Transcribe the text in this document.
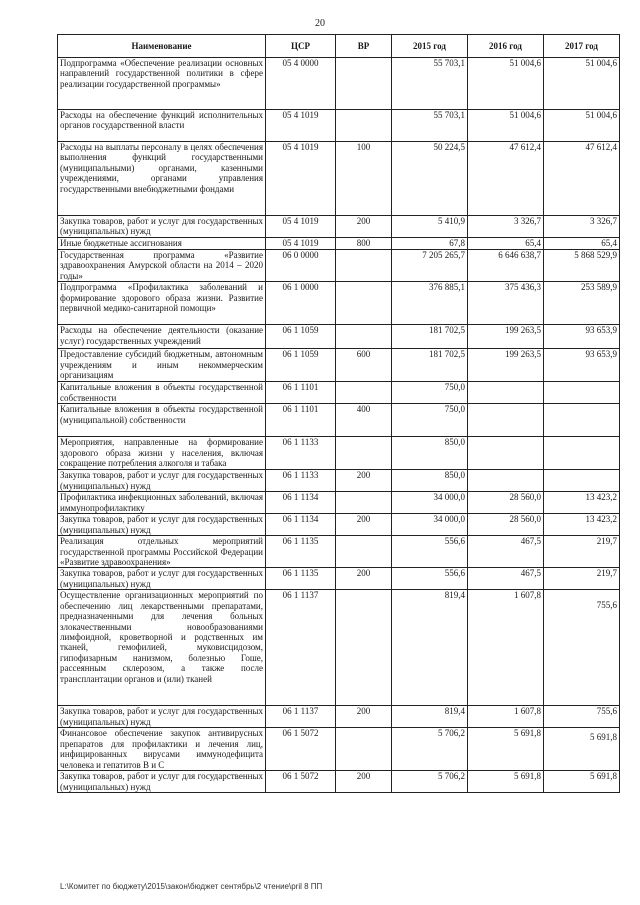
20
Наименование	ЦСР	ВР	2015 год	2016 год	2017 год
Подпрограмма «Обеспечение реализации основных направлений государственной политики в сфере реализации государственной программы»	05 4 0000		55 703,1	51 004,6	51 004,6
Расходы на обеспечение функций исполнительных органов государственной власти	05 4 1019		55 703,1	51 004,6	51 004,6
Расходы на выплаты персоналу в целях обеспечения выполнения функций государственными (муниципальными) органами, казенными учреждениями, органами управления государственными внебюджетными фондами	05 4 1019	100	50 224,5	47 612,4	47 612,4
Закупка товаров, работ и услуг для государственных (муниципальных) нужд	05 4 1019	200	5 410,9	3 326,7	3 326,7
Иные бюджетные ассигнования	05 4 1019	800	67,8	65,4	65,4
Государственная программа «Развитие здравоохранения Амурской области на 2014 – 2020 годы»	06 0 0000		7 205 265,7	6 646 638,7	5 868 529,9
Подпрограмма «Профилактика заболеваний и формирование здорового образа жизни. Развитие первичной медико-санитарной помощи»	06 1 0000		376 885,1	375 436,3	253 589,9
Расходы на обеспечение деятельности (оказание услуг) государственных учреждений	06 1 1059		181 702,5	199 263,5	93 653,9
Предоставление субсидий бюджетным, автономным учреждениям и иным некоммерческим организациям	06 1 1059	600	181 702,5	199 263,5	93 653,9
Капитальные вложения в объекты государственной собственности	06 1 1101		750,0		
Капитальные вложения в объекты государственной (муниципальной) собственности	06 1 1101	400	750,0		
Мероприятия, направленные на формирование здорового образа жизни у населения, включая сокращение потребления алкоголя и табака	06 1 1133		850,0		
Закупка товаров, работ и услуг для государственных (муниципальных) нужд	06 1 1133	200	850,0		
Профилактика инфекционных заболеваний, включая иммунопрофилактику	06 1 1134		34 000,0	28 560,0	13 423,2
Закупка товаров, работ и услуг для государственных (муниципальных) нужд	06 1 1134	200	34 000,0	28 560,0	13 423,2
Реализация отдельных мероприятий государственной программы Российской Федерации «Развитие здравоохранения»	06 1 1135		556,6	467,5	219,7
Закупка товаров, работ и услуг для государственных (муниципальных) нужд	06 1 1135	200	556,6	467,5	219,7
Осуществление организационных мероприятий по обеспечению лиц лекарственными препаратами, предназначенными для лечения больных злокачественными новообразованиями лимфоидной, кроветворной и родственных им тканей, гемофилией, муковисцидозом, гипофизарным нанизмом, болезнью Гоше, рассеянным склерозом, а также после трансплантации органов и (или) тканей	06 1 1137		819,4	1 607,8	755,6
Закупка товаров, работ и услуг для государственных (муниципальных) нужд	06 1 1137	200	819,4	1 607,8	755,6
Финансовое обеспечение закупок антивирусных препаратов для профилактики и лечения лиц, инфицированных вирусами иммунодефицита человека и гепатитов В и С	06 1 5072		5 706,2	5 691,8	5 691,8
Закупка товаров, работ и услуг для государственных (муниципальных) нужд	06 1 5072	200	5 706,2	5 691,8	5 691,8
L:\Комитет по бюджету\2015\закон\бюджет сентябрь\2 чтение\pril 8 ПП
